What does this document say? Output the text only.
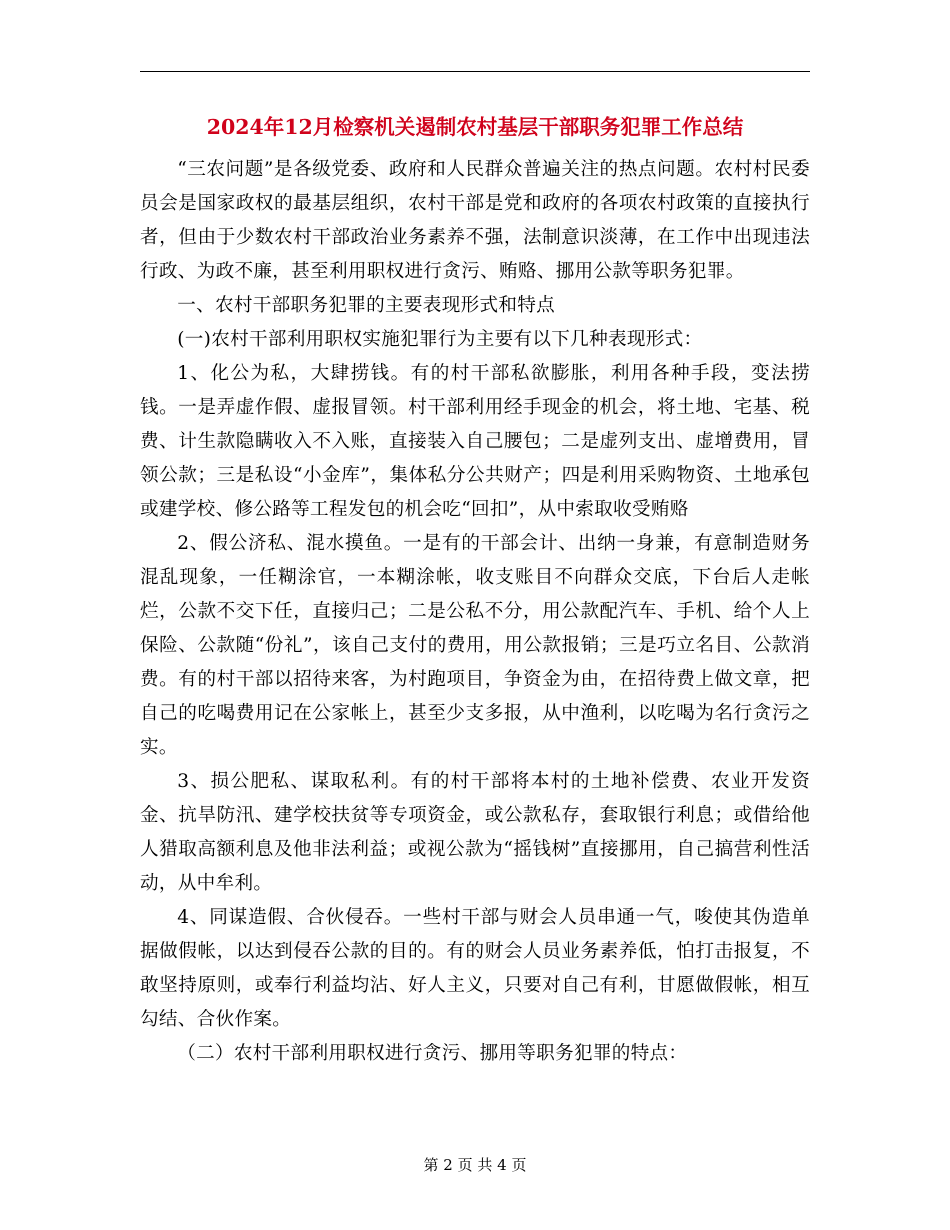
2024年12月检察机关遏制农村基层干部职务犯罪工作总结

“三农问题”是各级党委、政府和人民群众普遍关注的热点问题。农村村民委员会是国家政权的最基层组织，农村干部是党和政府的各项农村政策的直接执行者，但由于少数农村干部政治业务素养不强，法制意识淡薄，在工作中出现违法行政、为政不廉，甚至利用职权进行贪污、贿赂、挪用公款等职务犯罪。

一、农村干部职务犯罪的主要表现形式和特点

(一)农村干部利用职权实施犯罪行为主要有以下几种表现形式：

1、化公为私，大肆捞钱。有的村干部私欲膨胀，利用各种手段，变法捞钱。一是弄虚作假、虚报冒领。村干部利用经手现金的机会，将土地、宅基、税费、计生款隐瞒收入不入账，直接装入自己腰包；二是虚列支出、虚增费用，冒领公款；三是私设“小金库”，集体私分公共财产；四是利用采购物资、土地承包或建学校、修公路等工程发包的机会吃“回扣”，从中索取收受贿赂

2、假公济私、混水摸鱼。一是有的干部会计、出纳一身兼，有意制造财务混乱现象，一任糊涂官，一本糊涂帐，收支账目不向群众交底，下台后人走帐烂，公款不交下任，直接归己；二是公私不分，用公款配汽车、手机、给个人上保险、公款随“份礼”，该自己支付的费用，用公款报销；三是巧立名目、公款消费。有的村干部以招待来客，为村跑项目，争资金为由，在招待费上做文章，把自己的吃喝费用记在公家帐上，甚至少支多报，从中渔利，以吃喝为名行贪污之实。

3、损公肥私、谋取私利。有的村干部将本村的土地补偿费、农业开发资金、抗旱防汛、建学校扶贫等专项资金，或公款私存，套取银行利息；或借给他人猎取高额利息及他非法利益；或视公款为“摇钱树”直接挪用，自己搞营利性活动，从中牟利。

4、同谋造假、合伙侵吞。一些村干部与财会人员串通一气，唆使其伪造单据做假帐，以达到侵吞公款的目的。有的财会人员业务素养低，怕打击报复，不敢坚持原则，或奉行利益均沾、好人主义，只要对自己有利，甘愿做假帐，相互勾结、合伙作案。

（二）农村干部利用职权进行贪污、挪用等职务犯罪的特点：

第 2 页 共 4 页
